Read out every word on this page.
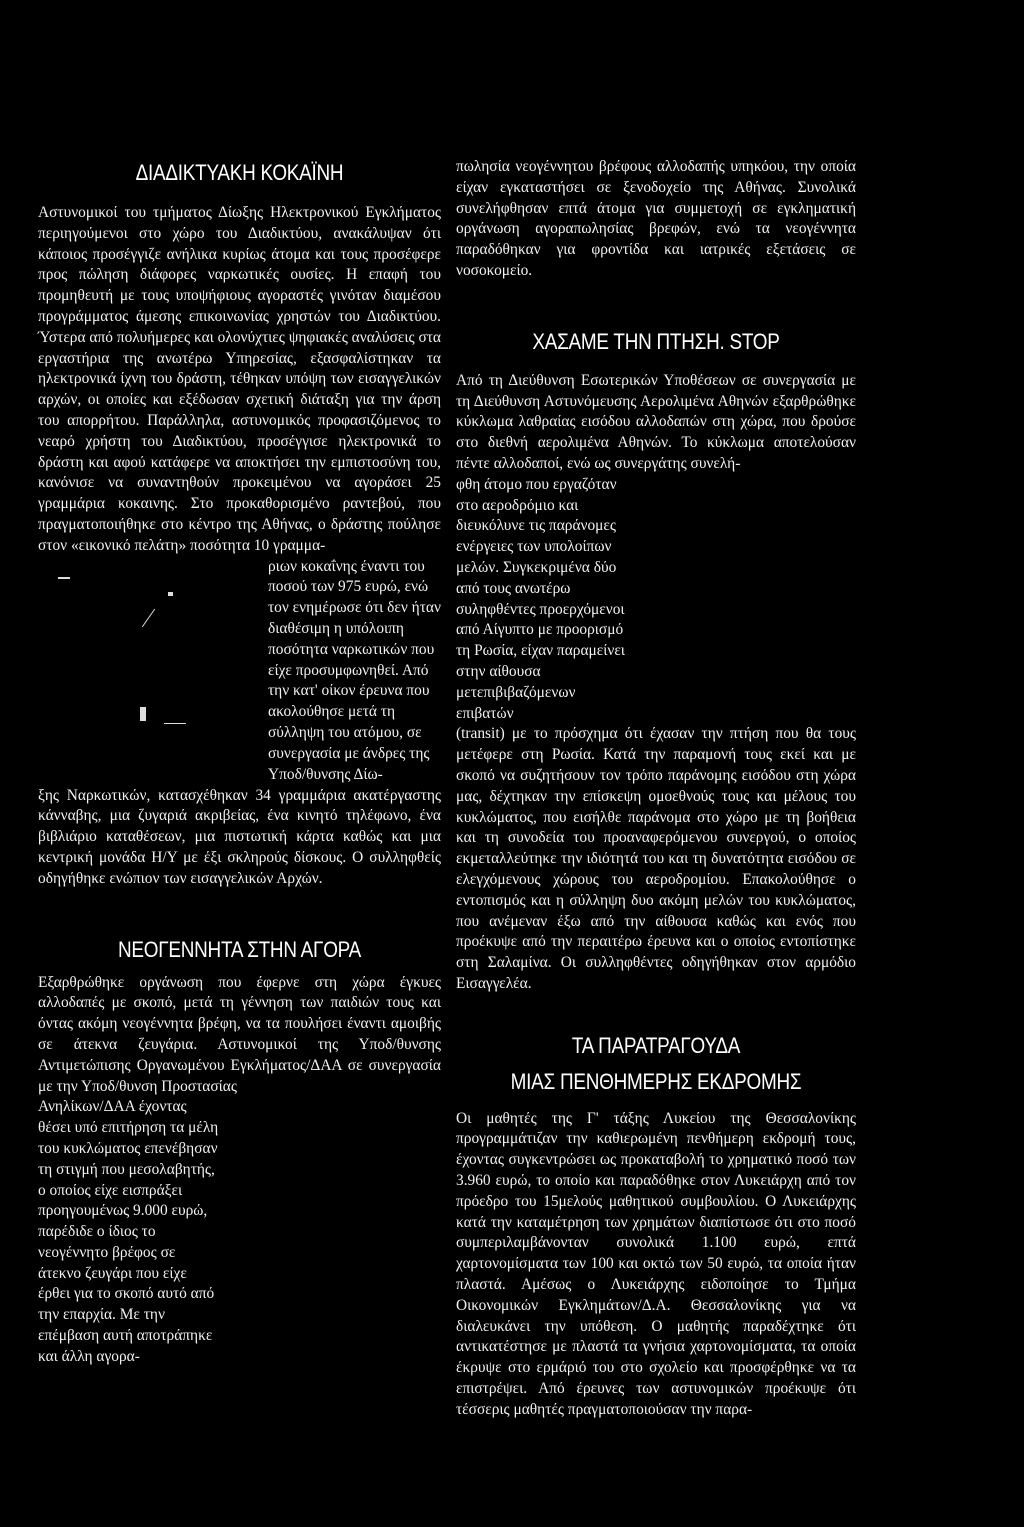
ΔΙΑΔΙΚΤΥΑΚΗ ΚΟΚΑΪΝΗ

Αστυνομικοί του τμήματος Δίωξης Ηλεκτρονικού Εγκλήματος περιηγούμενοι στο χώρο του Διαδικτύου, ανακάλυψαν ότι κάποιος προσέγγιζε ανήλικα κυρίως άτομα και τους προσέφερε προς πώληση διάφορες ναρκωτικές ουσίες. Η επαφή του προμηθευτή με τους υποψήφιους αγοραστές γινόταν διαμέσου προγράμματος άμεσης επικοινωνίας χρηστών του Διαδικτύου. Ύστερα από πολυήμερες και ολονύχτιες ψηφιακές αναλύσεις στα εργαστήρια της ανωτέρω Υπηρεσίας, εξασφαλίστηκαν τα ηλεκτρονικά ίχνη του δράστη, τέθηκαν υπόψη των εισαγγελικών αρχών, οι οποίες και εξέδωσαν σχετική διάταξη για την άρση του απορρήτου. Παράλληλα, αστυνομικός προφασιζόμενος το νεαρό χρήστη του Διαδικτύου, προσέγγισε ηλεκτρονικά το δράστη και αφού κατάφερε να αποκτήσει την εμπιστοσύνη του, κανόνισε να συναντηθούν προκειμένου να αγοράσει 25 γραμμάρια κοκαινης. Στο προκαθορισμένο ραντεβού, που πραγματοποιήθηκε στο κέντρο της Αθήνας, ο δράστης πούλησε στον «εικονικό πελάτη» ποσότητα 10 γραμμα-

ριων κοκαΐνης έναντι του ποσού των 975 ευρώ, ενώ τον ενημέρωσε ότι δεν ήταν διαθέσιμη η υπόλοιπη ποσότητα ναρκωτικών που είχε προσυμφωνηθεί. Από την κατ' οίκον έρευνα που ακολούθησε μετά τη σύλληψη του ατόμου, σε συνεργασία με άνδρες της Υποδ/θυνσης Δίω-

ξης Ναρκωτικών, κατασχέθηκαν 34 γραμμάρια ακατέργαστης κάνναβης, μια ζυγαριά ακριβείας, ένα κινητό τηλέφωνο, ένα βιβλιάριο καταθέσεων, μια πιστωτική κάρτα καθώς και μια κεντρική μονάδα Η/Υ με έξι σκληρούς δίσκους. Ο συλληφθείς οδηγήθηκε ενώπιον των εισαγγελικών Αρχών.

ΝΕΟΓΕΝΝΗΤΑ ΣΤΗΝ ΑΓΟΡΑ

Εξαρθρώθηκε οργάνωση που έφερνε στη χώρα έγκυες αλλοδαπές με σκοπό, μετά τη γέννηση των παιδιών τους και όντας ακόμη νεογέννητα βρέφη, να τα πουλήσει έναντι αμοιβής σε άτεκνα ζευγάρια. Αστυνομικοί της Υποδ/θυνσης Αντιμετώπισης Οργανωμένου Εγκλήματος/ΔΑΑ σε συνεργασία με την Υποδ/θυνση Προστασίας

Ανηλίκων/ΔΑΑ έχοντας θέσει υπό επιτήρηση τα μέλη του κυκλώματος επενέβησαν τη στιγμή που μεσολαβητής, ο οποίος είχε εισπράξει προηγουμένως 9.000 ευρώ, παρέδιδε ο ίδιος το νεογέννητο βρέφος σε άτεκνο ζευγάρι που είχε έρθει για το σκοπό αυτό από την επαρχία. Με την επέμβαση αυτή αποτράπηκε και άλλη αγορα-

πωλησία νεογέννητου βρέφους αλλοδαπής υπηκόου, την οποία είχαν εγκαταστήσει σε ξενοδοχείο της Αθήνας. Συνολικά συνελήφθησαν επτά άτομα για συμμετοχή σε εγκληματική οργάνωση αγοραπωλησίας βρεφών, ενώ τα νεογέννητα παραδόθηκαν για φροντίδα και ιατρικές εξετάσεις σε νοσοκομείο.

ΧΑΣΑΜΕ ΤΗΝ ΠΤΗΣΗ. STOP

Από τη Διεύθυνση Εσωτερικών Υποθέσεων σε συνεργασία με τη Διεύθυνση Αστυνόμευσης Αερολιμένα Αθηνών εξαρθρώθηκε κύκλωμα λαθραίας εισόδου αλλοδαπών στη χώρα, που δρούσε στο διεθνή αερολιμένα Αθηνών. Το κύκλωμα αποτελούσαν πέντε αλλοδαποί, ενώ ως συνεργάτης συνελή-

φθη άτομο που εργαζόταν στο αεροδρόμιο και διευκόλυνε τις παράνομες ενέργειες των υπολοίπων μελών. Συγκεκριμένα δύο από τους ανωτέρω συληφθέντες προερχόμενοι από Αίγυπτο με προορισμό τη Ρωσία, είχαν παραμείνει στην αίθουσα μετεπιβιβαζόμενων επιβατών

(transit) με το πρόσχημα ότι έχασαν την πτήση που θα τους μετέφερε στη Ρωσία. Κατά την παραμονή τους εκεί και με σκοπό να συζητήσουν τον τρόπο παράνομης εισόδου στη χώρα μας, δέχτηκαν την επίσκεψη ομοεθνούς τους και μέλους του κυκλώματος, που εισήλθε παράνομα στο χώρο με τη βοήθεια και τη συνοδεία του προαναφερόμενου συνεργού, ο οποίος εκμεταλλεύτηκε την ιδιότητά του και τη δυνατότητα εισόδου σε ελεγχόμενους χώρους του αεροδρομίου. Επακολούθησε ο εντοπισμός και η σύλληψη δυο ακόμη μελών του κυκλώματος, που ανέμεναν έξω από την αίθουσα καθώς και ενός που προέκυψε από την περαιτέρω έρευνα και ο οποίος εντοπίστηκε στη Σαλαμίνα. Οι συλληφθέντες οδηγήθηκαν στον αρμόδιο Εισαγγελέα.

ΤΑ ΠΑΡΑΤΡΑΓΟΥΔΑ
ΜΙΑΣ ΠΕΝΘΗΜΕΡΗΣ ΕΚΔΡΟΜΗΣ

Οι μαθητές της Γ' τάξης Λυκείου της Θεσσαλονίκης προγραμμάτιζαν την καθιερωμένη πενθήμερη εκδρομή τους, έχοντας συγκεντρώσει ως προκαταβολή το χρηματικό ποσό των 3.960 ευρώ, το οποίο και παραδόθηκε στον Λυκειάρχη από τον πρόεδρο του 15μελούς μαθητικού συμβουλίου. Ο Λυκειάρχης κατά την καταμέτρηση των χρημάτων διαπίστωσε ότι στο ποσό συμπεριλαμβάνονταν συνολικά 1.100 ευρώ, επτά χαρτονομίσματα των 100 και οκτώ των 50 ευρώ, τα οποία ήταν πλαστά. Αμέσως ο Λυκειάρχης ειδοποίησε το Τμήμα Οικονομικών Εγκλημάτων/Δ.Α. Θεσσαλονίκης για να διαλευκάνει την υπόθεση. Ο μαθητής παραδέχτηκε ότι αντικατέστησε με πλαστά τα γνήσια χαρτονομίσματα, τα οποία έκρυψε στο ερμάριό του στο σχολείο και προσφέρθηκε να τα επιστρέψει. Από έρευνες των αστυνομικών προέκυψε ότι τέσσερις μαθητές πραγματοποιούσαν την παρα-
